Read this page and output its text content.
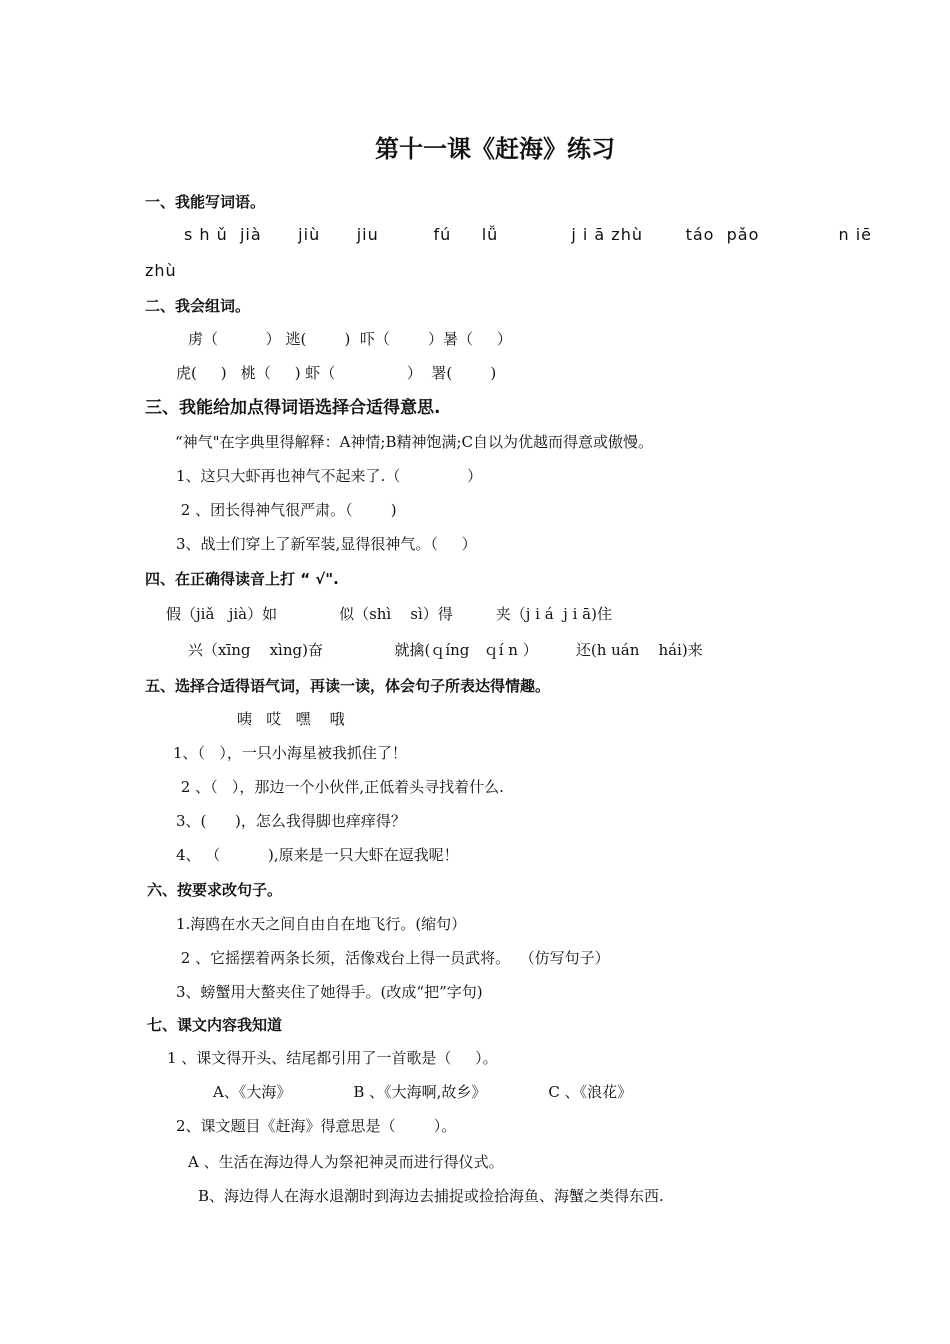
第十一课《赶海》练习
一、我能写词语。
s h ǔ  jià      jiù      jiu         fú     lǚ            j i ā zhù       táo  pǎo             n iē
zhù
二、我会组词。
虏（          ） 逃(        )  吓（        ）暑（     ）
虎(     )   桃（     ) 虾（               ）  署(        )
三、我能给加点得词语选择合适得意思.
“神气"在字典里得解释：A神情;B精神饱满;C自以为优越而得意或傲慢。
1、这只大虾再也神气不起来了.（              ）
2 、团长得神气很严肃。（        )
3、战士们穿上了新军装,显得很神气。（     ）
四、在正确得读音上打 “ √".
假（jiǎ   jià）如             似（shì    sì）得         夹（j i á  j i ā)住
兴（xīng    xìng)奋               就擒(ｑíng   ｑí n ）        还(h uán    hái)来
五、选择合适得语气词，再读一读，体会句子所表达得情趣。
咦   哎   嘿    哦
1、（   ），一只小海星被我抓住了！
2 、（   ），那边一个小伙伴,正低着头寻找着什么.
3、(      )，怎么我得脚也痒痒得？
4、 （          ),原来是一只大虾在逗我呢！
六、按要求改句子。
1.海鸥在水天之间自由自在地飞行。(缩句）
2 、它摇摆着两条长须，活像戏台上得一员武将。  （仿写句子）
3、螃蟹用大螯夹住了她得手。(改成“把”字句)
七、课文内容我知道
1 、课文得开头、结尾都引用了一首歌是（     ）。
A、《大海》             B 、《大海啊,故乡》             C 、《浪花》
2、课文题目《赶海》得意思是（        ）。
A 、生活在海边得人为祭祀神灵而进行得仪式。
B、海边得人在海水退潮时到海边去捕捉或捡拾海鱼、海蟹之类得东西.
